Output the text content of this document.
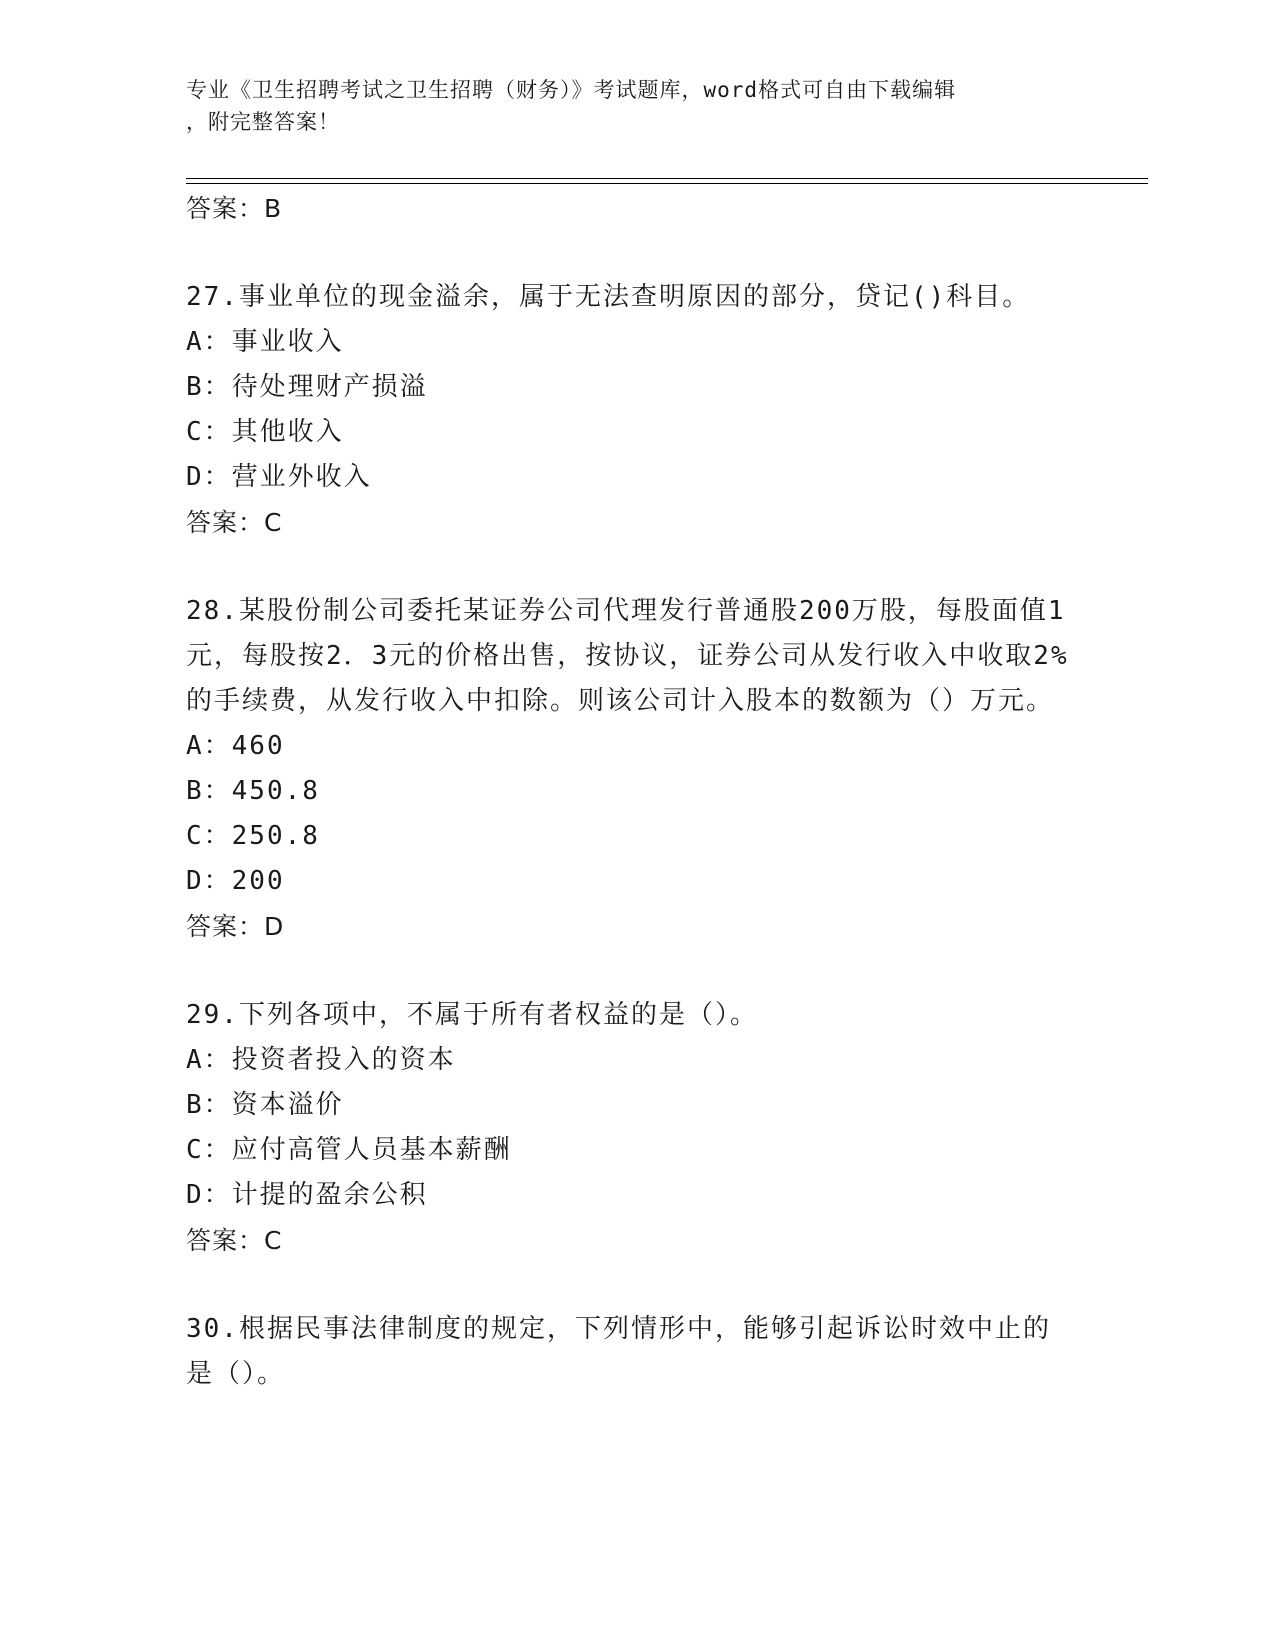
专业《卫生招聘考试之卫生招聘（财务）》考试题库，word格式可自由下载编辑
，附完整答案！
答案：B
27.事业单位的现金溢余，属于无法查明原因的部分，贷记()科目。
A：事业收入
B：待处理财产损溢
C：其他收入
D：营业外收入
答案：C
28.某股份制公司委托某证券公司代理发行普通股200万股，每股面值1元，每股按2．3元的价格出售，按协议，证券公司从发行收入中收取2%的手续费，从发行收入中扣除。则该公司计入股本的数额为（）万元。
A：460
B：450.8
C：250.8
D：200
答案：D
29.下列各项中，不属于所有者权益的是（）。
A：投资者投入的资本
B：资本溢价
C：应付高管人员基本薪酬
D：计提的盈余公积
答案：C
30.根据民事法律制度的规定，下列情形中，能够引起诉讼时效中止的是（）。
